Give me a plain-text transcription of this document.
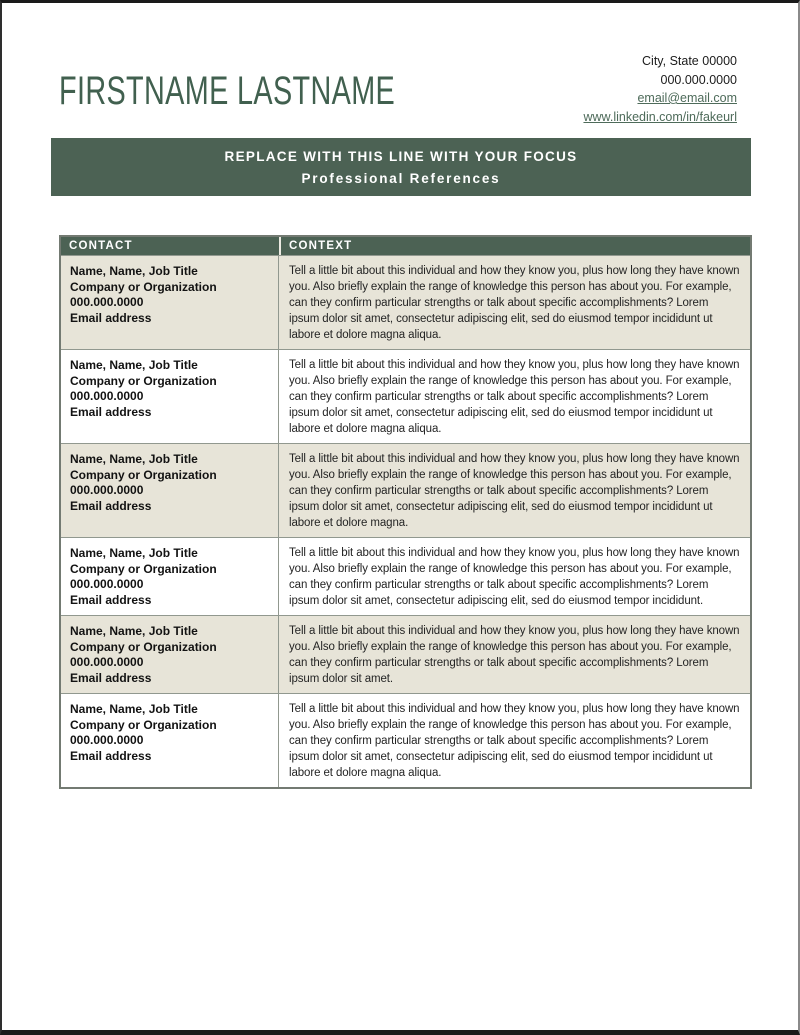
FIRSTNAME LASTNAME
City, State 00000
000.000.0000
email@email.com
www.linkedin.com/in/fakeurl
REPLACE WITH THIS LINE WITH YOUR FOCUS
Professional References
CONTACT	CONTEXT

Name, Name, Job Title
Company or Organization
000.000.0000
Email address
	Tell a little bit about this individual and how they know you, plus how long they have known you. Also briefly explain the range of knowledge this person has about you. For example, can they confirm particular strengths or talk about specific accomplishments? Lorem ipsum dolor sit amet, consectetur adipiscing elit, sed do eiusmod tempor incididunt ut labore et dolore magna aliqua.

Name, Name, Job Title
Company or Organization
000.000.0000
Email address
	Tell a little bit about this individual and how they know you, plus how long they have known you. Also briefly explain the range of knowledge this person has about you. For example, can they confirm particular strengths or talk about specific accomplishments? Lorem ipsum dolor sit amet, consectetur adipiscing elit, sed do eiusmod tempor incididunt ut labore et dolore magna aliqua.

Name, Name, Job Title
Company or Organization
000.000.0000
Email address
	Tell a little bit about this individual and how they know you, plus how long they have known you. Also briefly explain the range of knowledge this person has about you. For example, can they confirm particular strengths or talk about specific accomplishments? Lorem ipsum dolor sit amet, consectetur adipiscing elit, sed do eiusmod tempor incididunt ut labore et dolore magna.

Name, Name, Job Title
Company or Organization
000.000.0000
Email address
	Tell a little bit about this individual and how they know you, plus how long they have known you. Also briefly explain the range of knowledge this person has about you. For example, can they confirm particular strengths or talk about specific accomplishments? Lorem ipsum dolor sit amet, consectetur adipiscing elit, sed do eiusmod tempor incididunt.

Name, Name, Job Title
Company or Organization
000.000.0000
Email address
	Tell a little bit about this individual and how they know you, plus how long they have known you. Also briefly explain the range of knowledge this person has about you. For example, can they confirm particular strengths or talk about specific accomplishments? Lorem ipsum dolor sit amet.

Name, Name, Job Title
Company or Organization
000.000.0000
Email address
	Tell a little bit about this individual and how they know you, plus how long they have known you. Also briefly explain the range of knowledge this person has about you. For example, can they confirm particular strengths or talk about specific accomplishments? Lorem ipsum dolor sit amet, consectetur adipiscing elit, sed do eiusmod tempor incididunt ut labore et dolore magna aliqua.
